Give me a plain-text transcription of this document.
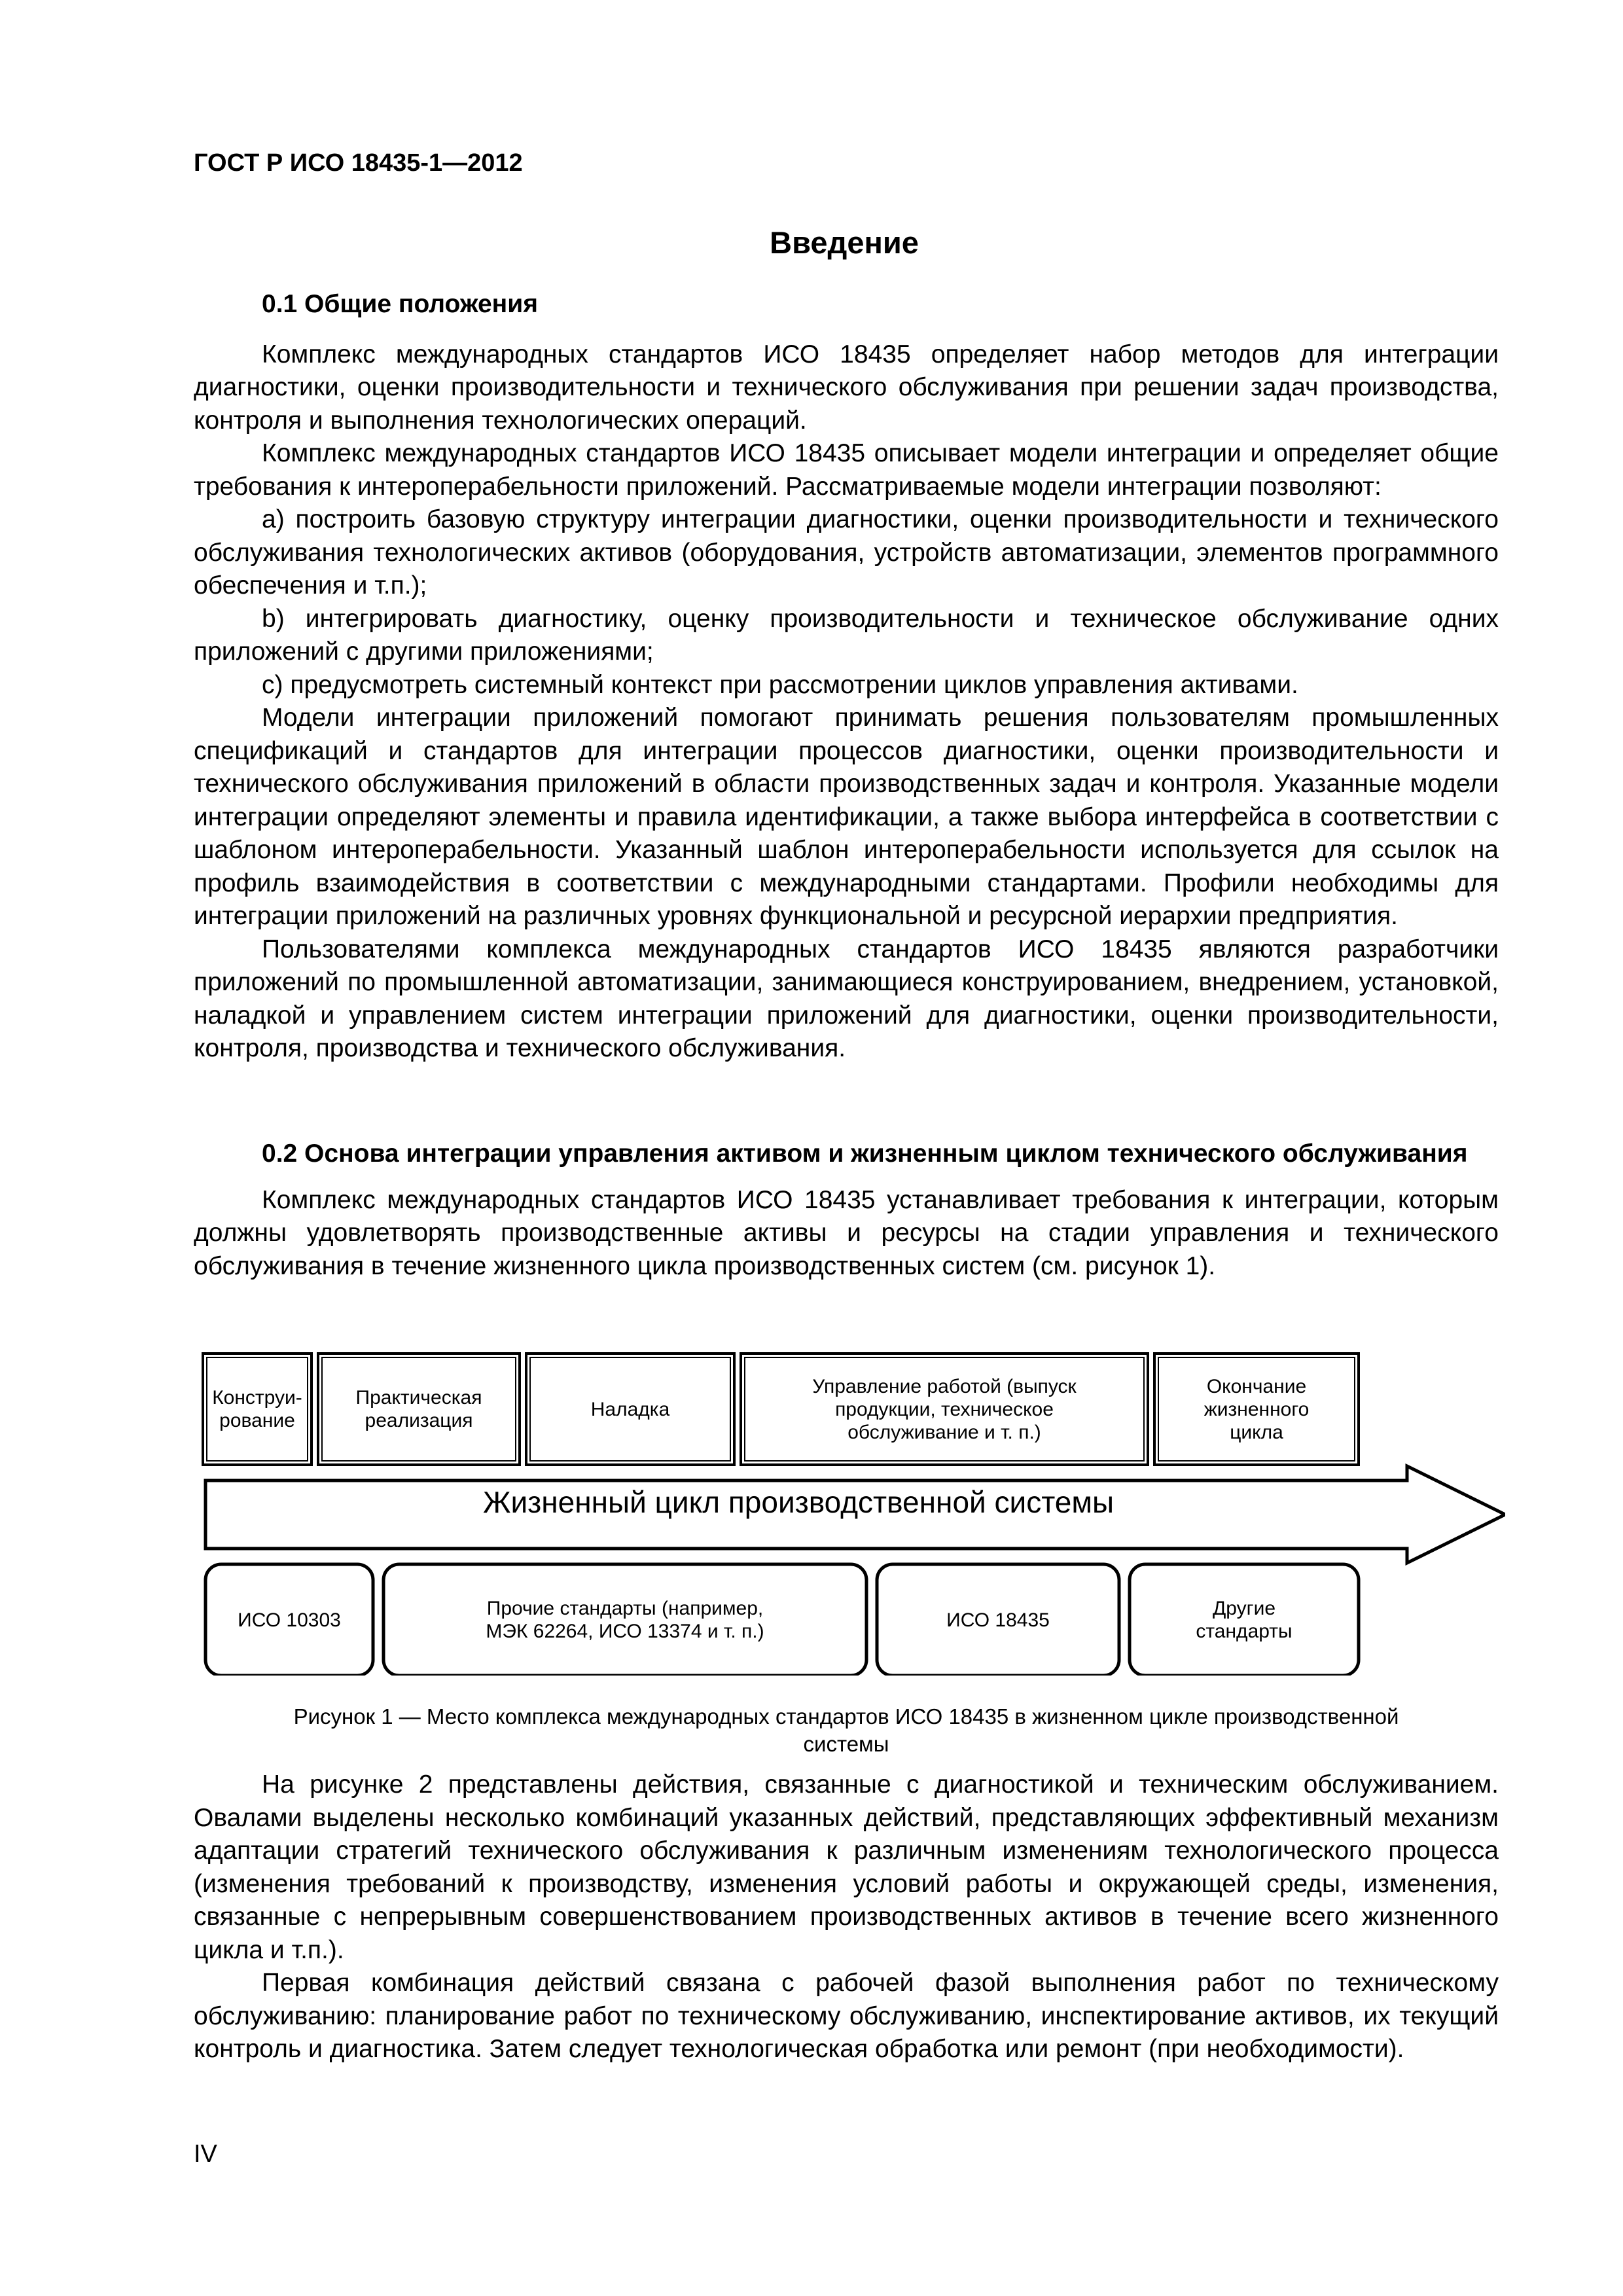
ГОСТ Р ИСО 18435-1—2012
Введение

0.1 Общие положения

Комплекс международных стандартов ИСО 18435 определяет набор методов для интеграции диагностики, оценки производительности и технического обслуживания при решении задач производства, контроля и выполнения технологических операций.

Комплекс международных стандартов ИСО 18435 описывает модели интеграции и определяет общие требования к интероперабельности приложений. Рассматриваемые модели интеграции позволяют:

a) построить базовую структуру интеграции диагностики, оценки производительности и технического обслуживания технологических активов (оборудования, устройств автоматизации, элементов программного обеспечения и т.п.);

b) интегрировать диагностику, оценку производительности и техническое обслуживание одних приложений с другими приложениями;

c) предусмотреть системный контекст при рассмотрении циклов управления активами.

Модели интеграции приложений помогают принимать решения пользователям промышленных спецификаций и стандартов для интеграции процессов диагностики, оценки производительности и технического обслуживания приложений в области производственных задач и контроля. Указанные модели интеграции определяют элементы и правила идентификации, а также выбора интерфейса в соответствии с шаблоном интероперабельности. Указанный шаблон интероперабельности используется для ссылок на профиль взаимодействия в соответствии с международными стандартами. Профили необходимы для интеграции приложений на различных уровнях функциональной и ресурсной иерархии предприятия.

Пользователями комплекса международных стандартов ИСО 18435 являются разработчики приложений по промышленной автоматизации, занимающиеся конструированием, внедрением, установкой, наладкой и управлением систем интеграции приложений для диагностики, оценки производительности, контроля, производства и технического обслуживания.

0.2 Основа интеграции управления активом и жизненным циклом технического обслуживания

Комплекс международных стандартов ИСО 18435 устанавливает требования к интеграции, которым должны удовлетворять производственные активы и ресурсы на стадии управления и технического обслуживания в течение жизненного цикла производственных систем (см. рисунок 1).

Конструи-
рование
Практическая
реализация
Наладка
Управление работой (выпуск
продукции, техническое
обслуживание и т. п.)
Окончание
жизненного
цикла
Жизненный цикл производственной системы
ИСО 10303
Прочие стандарты (например,
МЭК 62264, ИСО 13374 и т. п.)
ИСО 18435
Другие
стандарты
Рисунок 1 — Место комплекса международных стандартов ИСО 18435 в жизненном цикле производственной
системы

На рисунке 2 представлены действия, связанные с диагностикой и техническим обслуживанием. Овалами выделены несколько комбинаций указанных действий, представляющих эффективный механизм адаптации стратегий технического обслуживания к различным изменениям технологического процесса (изменения требований к производству, изменения условий работы и окружающей среды, изменения, связанные с непрерывным совершенствованием производственных активов в течение всего жизненного цикла и т.п.).

Первая комбинация действий связана с рабочей фазой выполнения работ по техническому обслуживанию: планирование работ по техническому обслуживанию, инспектирование активов, их текущий контроль и диагностика. Затем следует технологическая обработка или ремонт (при необходимости).

IV
